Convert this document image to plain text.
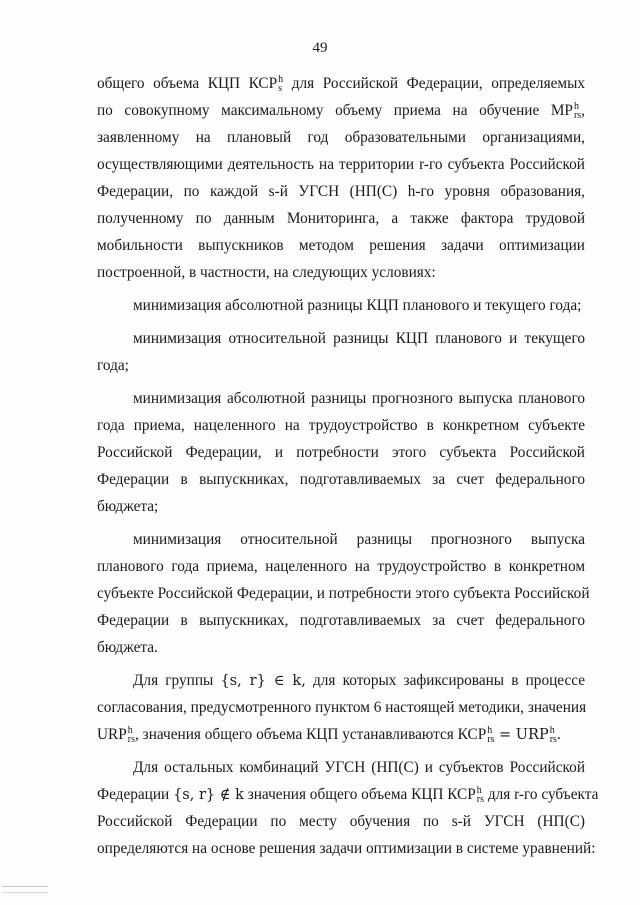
49
общего объема КЦП КСР h
s для Российской Федерации, определяемых
по совокупному максимальному объему приема на обучение МР h
rs ,
заявленному на плановый год образовательными организациями,
осуществляющими деятельность на территории r-го субъекта Российской
Федерации, по каждой s-й УГСН (НП(С) h-го уровня образования,
полученному по данным Мониторинга, а также фактора трудовой
мобильности выпускников методом решения задачи оптимизации
построенной, в частности, на следующих условиях:
минимизация абсолютной разницы КЦП планового и текущего года;
минимизация относительной разницы КЦП планового и текущего
года;
минимизация абсолютной разницы прогнозного выпуска планового
года приема, нацеленного на трудоустройство в конкретном субъекте
Российской Федерации, и потребности этого субъекта Российской
Федерации в выпускниках, подготавливаемых за счет федерального
бюджета;
минимизация относительной разницы прогнозного выпуска
планового года приема, нацеленного на трудоустройство в конкретном
субъекте Российской Федерации, и потребности этого субъекта Российской
Федерации в выпускниках, подготавливаемых за счет федерального
бюджета.
Для группы {s, r} ∈ k, для которых зафиксированы в процессе
согласования, предусмотренного пунктом 6 настоящей методики, значения
URP h
rs , значения общего объема КЦП устанавливаются КСР h
rs = URP h
rs .
Для остальных комбинаций УГСН (НП(С) и субъектов Российской
Федерации {s, r} ∉ k значения общего объема КЦП КСР h
rs для r-го субъекта
Российской Федерации по месту обучения по s-й УГСН (НП(С)
определяются на основе решения задачи оптимизации в системе уравнений:
